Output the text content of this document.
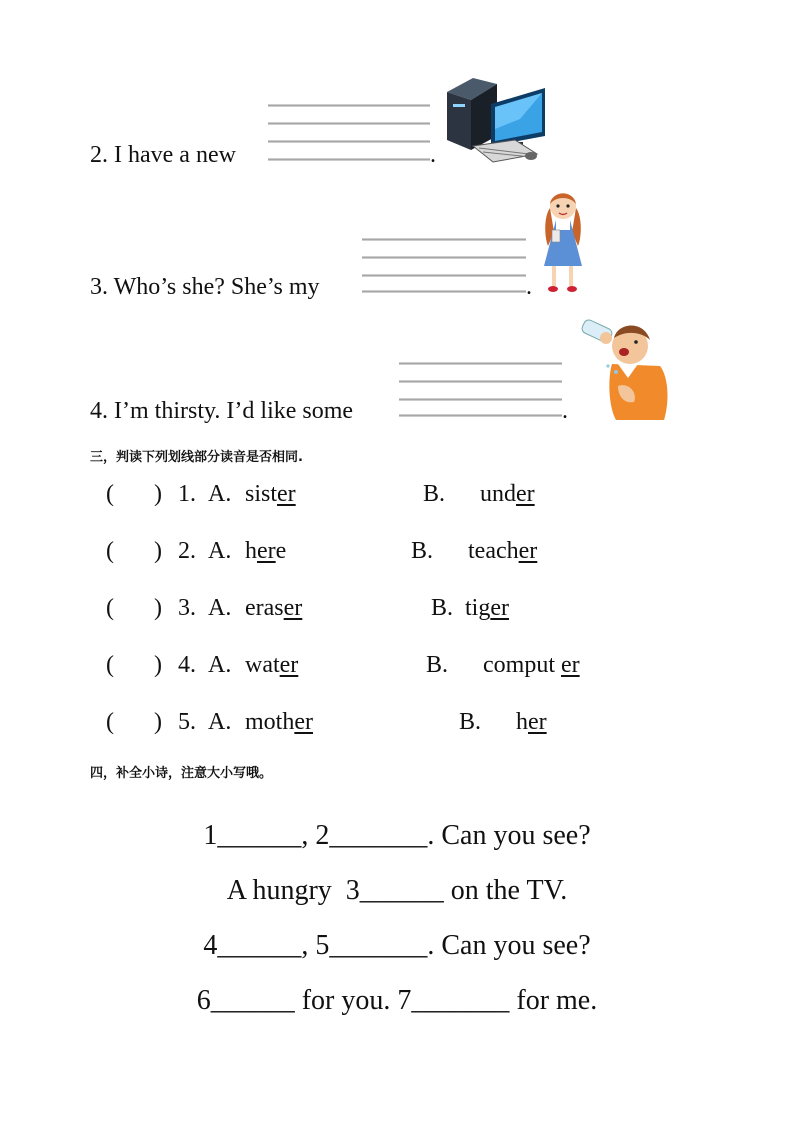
2. I have a new	.
3. Who’s she? She’s my	.
4. I’m thirsty. I’d like some	.
三，判读下列划线部分读音是否相同.
( ) 1. A. sister	B. under
( ) 2. A. here	B. teacher
( ) 3. A. eraser	B. tiger
( ) 4. A. water	B. comput er
( ) 5. A. mother	B. her
四，补全小诗，注意大小写哦。
1______, 2_______. Can you see?
A hungry  3______ on the TV.
4______, 5_______. Can you see?
6______ for you. 7_______ for me.
